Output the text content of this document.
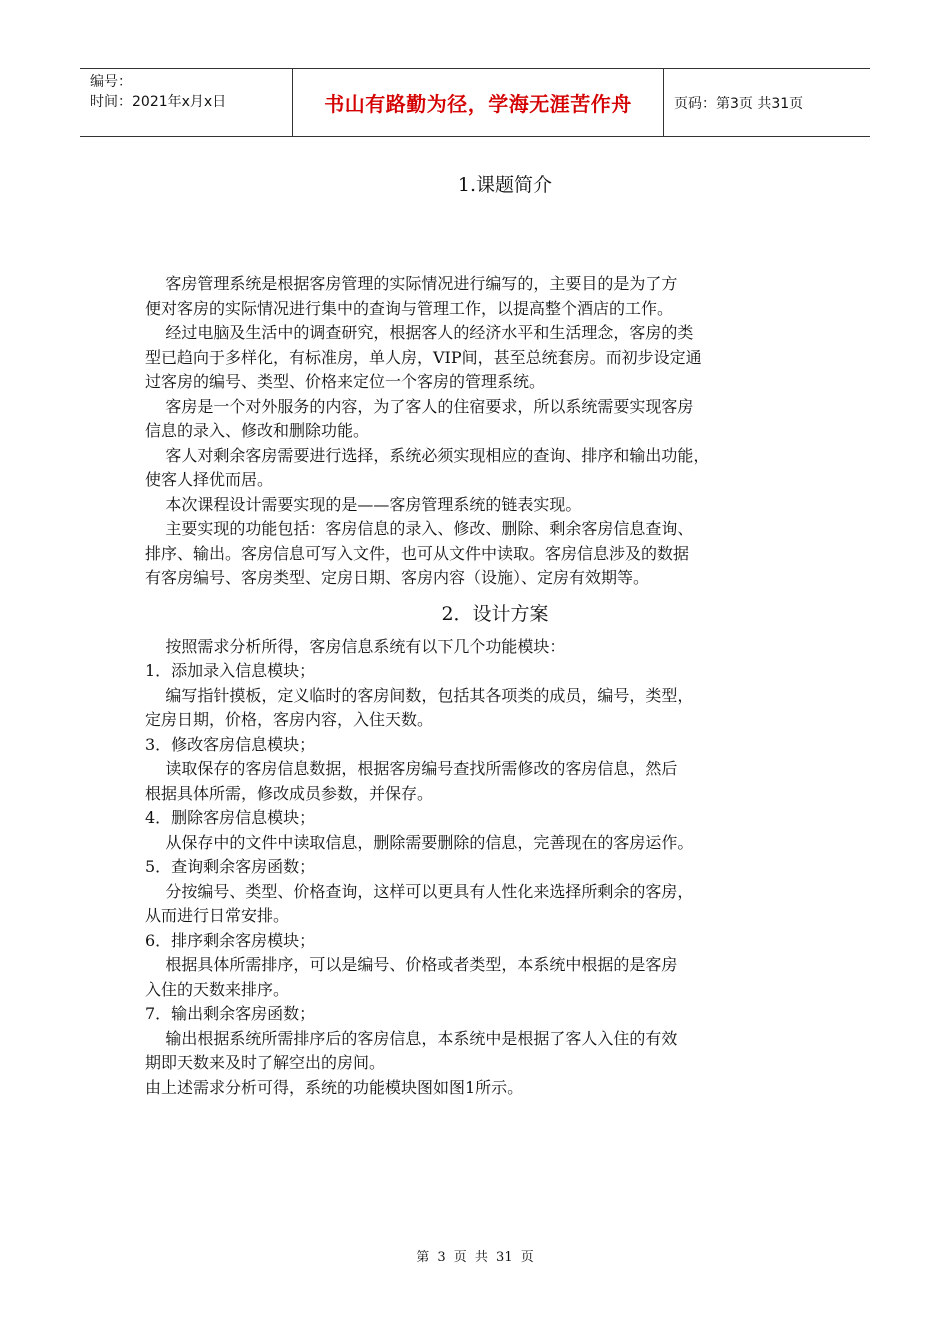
编号：
时间：2021年x月x日	书山有路勤为径，学海无涯苦作舟	页码：第3页 共31页
1.课题简介

客房管理系统是根据客房管理的实际情况进行编写的，主要目的是为了方
便对客房的实际情况进行集中的查询与管理工作，以提高整个酒店的工作。

经过电脑及生活中的调查研究，根据客人的经济水平和生活理念，客房的类
型已趋向于多样化，有标准房，单人房，VIP间，甚至总统套房。而初步设定通
过客房的编号、类型、价格来定位一个客房的管理系统。

客房是一个对外服务的内容，为了客人的住宿要求，所以系统需要实现客房
信息的录入、修改和删除功能。

客人对剩余客房需要进行选择，系统必须实现相应的查询、排序和输出功能，
使客人择优而居。

本次课程设计需要实现的是——客房管理系统的链表实现。

主要实现的功能包括：客房信息的录入、修改、删除、剩余客房信息查询、
排序、输出。客房信息可写入文件，也可从文件中读取。客房信息涉及的数据
有客房编号、客房类型、定房日期、客房内容（设施）、定房有效期等。

2．设计方案

按照需求分析所得，客房信息系统有以下几个功能模块：

1．添加录入信息模块；

编写指针摸板，定义临时的客房间数，包括其各项类的成员，编号，类型，
定房日期，价格，客房内容，入住天数。

3．修改客房信息模块；

读取保存的客房信息数据，根据客房编号查找所需修改的客房信息，然后
根据具体所需，修改成员参数，并保存。

4．删除客房信息模块；

从保存中的文件中读取信息，删除需要删除的信息，完善现在的客房运作。

5．查询剩余客房函数；

分按编号、类型、价格查询，这样可以更具有人性化来选择所剩余的客房，
从而进行日常安排。

6．排序剩余客房模块；

根据具体所需排序，可以是编号、价格或者类型，本系统中根据的是客房
入住的天数来排序。

7．输出剩余客房函数；

输出根据系统所需排序后的客房信息，本系统中是根据了客人入住的有效
期即天数来及时了解空出的房间。

由上述需求分析可得，系统的功能模块图如图1所示。

第 3 页 共 31 页
